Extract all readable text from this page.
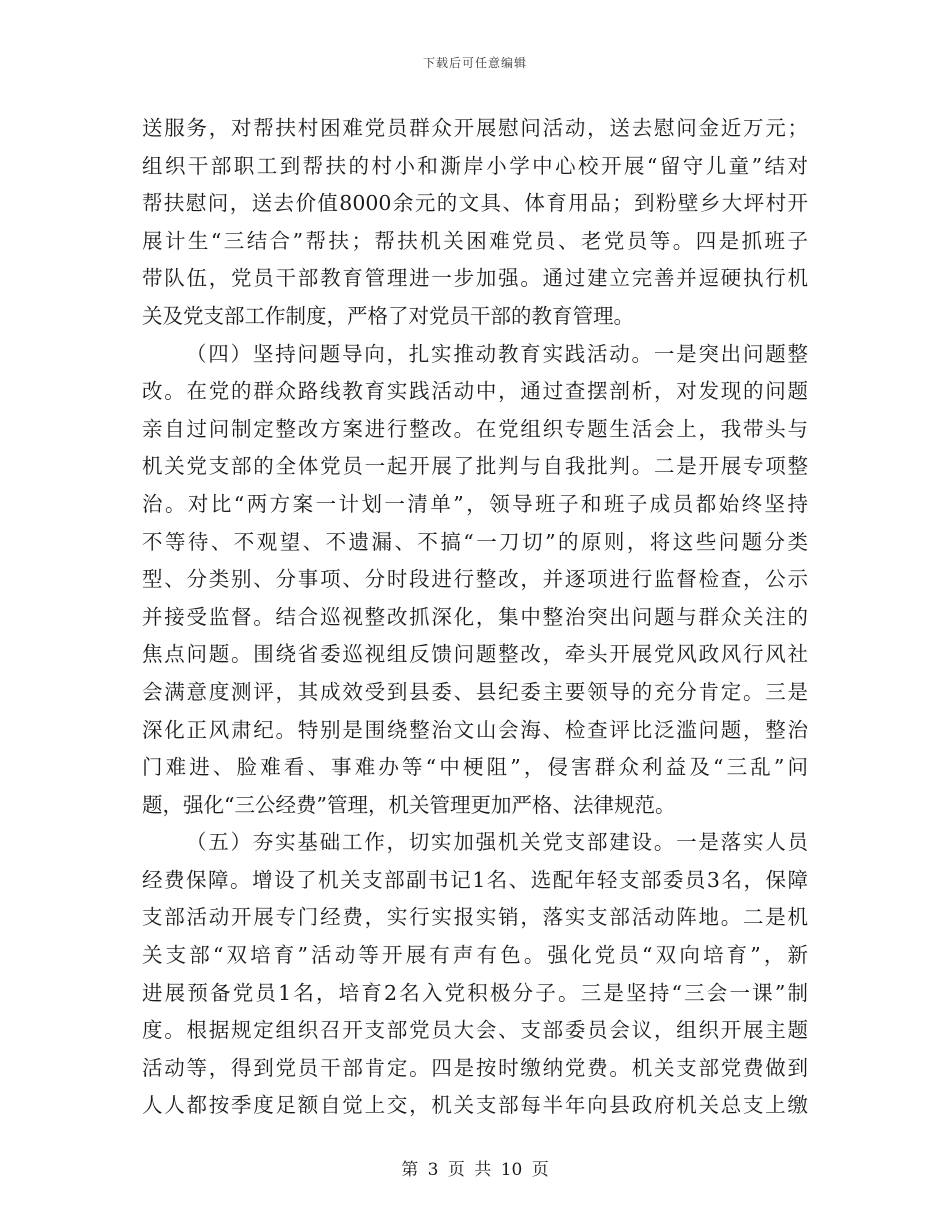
下载后可任意编辑
送服务，对帮扶村困难党员群众开展慰问活动，送去慰问金近万元；
组织干部职工到帮扶的村小和澌岸小学中心校开展“留守儿童”结对
帮扶慰问，送去价值8000余元的文具、体育用品；到粉壁乡大坪村开
展计生“三结合”帮扶；帮扶机关困难党员、老党员等。四是抓班子
带队伍，党员干部教育管理进一步加强。通过建立完善并逗硬执行机
关及党支部工作制度，严格了对党员干部的教育管理。
（四）坚持问题导向，扎实推动教育实践活动。一是突出问题整
改。在党的群众路线教育实践活动中，通过查摆剖析，对发现的问题
亲自过问制定整改方案进行整改。在党组织专题生活会上，我带头与
机关党支部的全体党员一起开展了批判与自我批判。二是开展专项整
治。对比“两方案一计划一清单”，领导班子和班子成员都始终坚持
不等待、不观望、不遗漏、不搞“一刀切”的原则，将这些问题分类
型、分类别、分事项、分时段进行整改，并逐项进行监督检查，公示
并接受监督。结合巡视整改抓深化，集中整治突出问题与群众关注的
焦点问题。围绕省委巡视组反馈问题整改，牵头开展党风政风行风社
会满意度测评，其成效受到县委、县纪委主要领导的充分肯定。三是
深化正风肃纪。特别是围绕整治文山会海、检查评比泛滥问题，整治
门难进、脸难看、事难办等“中梗阻”，侵害群众利益及“三乱”问
题，强化“三公经费”管理，机关管理更加严格、法律规范。
（五）夯实基础工作，切实加强机关党支部建设。一是落实人员
经费保障。增设了机关支部副书记1名、选配年轻支部委员3名，保障
支部活动开展专门经费，实行实报实销，落实支部活动阵地。二是机
关支部“双培育”活动等开展有声有色。强化党员“双向培育”，新
进展预备党员1名，培育2名入党积极分子。三是坚持“三会一课”制
度。根据规定组织召开支部党员大会、支部委员会议，组织开展主题
活动等，得到党员干部肯定。四是按时缴纳党费。机关支部党费做到
人人都按季度足额自觉上交，机关支部每半年向县政府机关总支上缴
第 3 页 共 10 页
